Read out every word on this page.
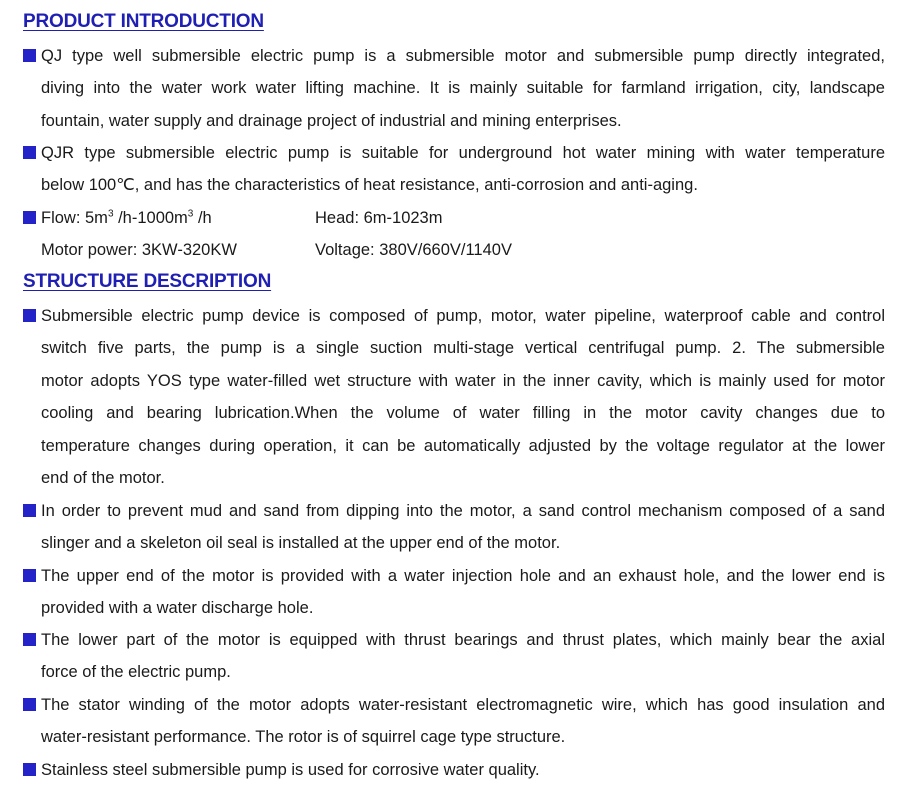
PRODUCT INTRODUCTION
QJ type well submersible electric pump is a submersible motor and submersible pump directly integrated,
diving into the water work water lifting machine. It is mainly suitable for farmland irrigation, city, landscape
fountain, water supply and drainage project of industrial and mining enterprises.
QJR type submersible electric pump is suitable for underground hot water mining with water temperature
below 100℃, and has the characteristics of heat resistance, anti-corrosion and anti-aging.
Flow: $5m^3$ $/h-1000m^3$ /h	Head: 6m-1023m
Motor power: 3KW-320KW	Voltage: 380V/660V/1140V
STRUCTURE DESCRIPTION
Submersible electric pump device is composed of pump, motor, water pipeline, waterproof cable and control
switch five parts, the pump is a single suction multi-stage vertical centrifugal pump. 2. The submersible
motor adopts YOS type water-filled wet structure with water in the inner cavity, which is mainly used for motor
cooling and bearing lubrication.When the volume of water filling in the motor cavity changes due to
temperature changes during operation, it can be automatically adjusted by the voltage regulator at the lower
end of the motor.
In order to prevent mud and sand from dipping into the motor, a sand control mechanism composed of a sand
slinger and a skeleton oil seal is installed at the upper end of the motor.
The upper end of the motor is provided with a water injection hole and an exhaust hole, and the lower end is
provided with a water discharge hole.
The lower part of the motor is equipped with thrust bearings and thrust plates, which mainly bear the axial
force of the electric pump.
The stator winding of the motor adopts water-resistant electromagnetic wire, which has good insulation and
water-resistant performance. The rotor is of squirrel cage type structure.
Stainless steel submersible pump is used for corrosive water quality.
